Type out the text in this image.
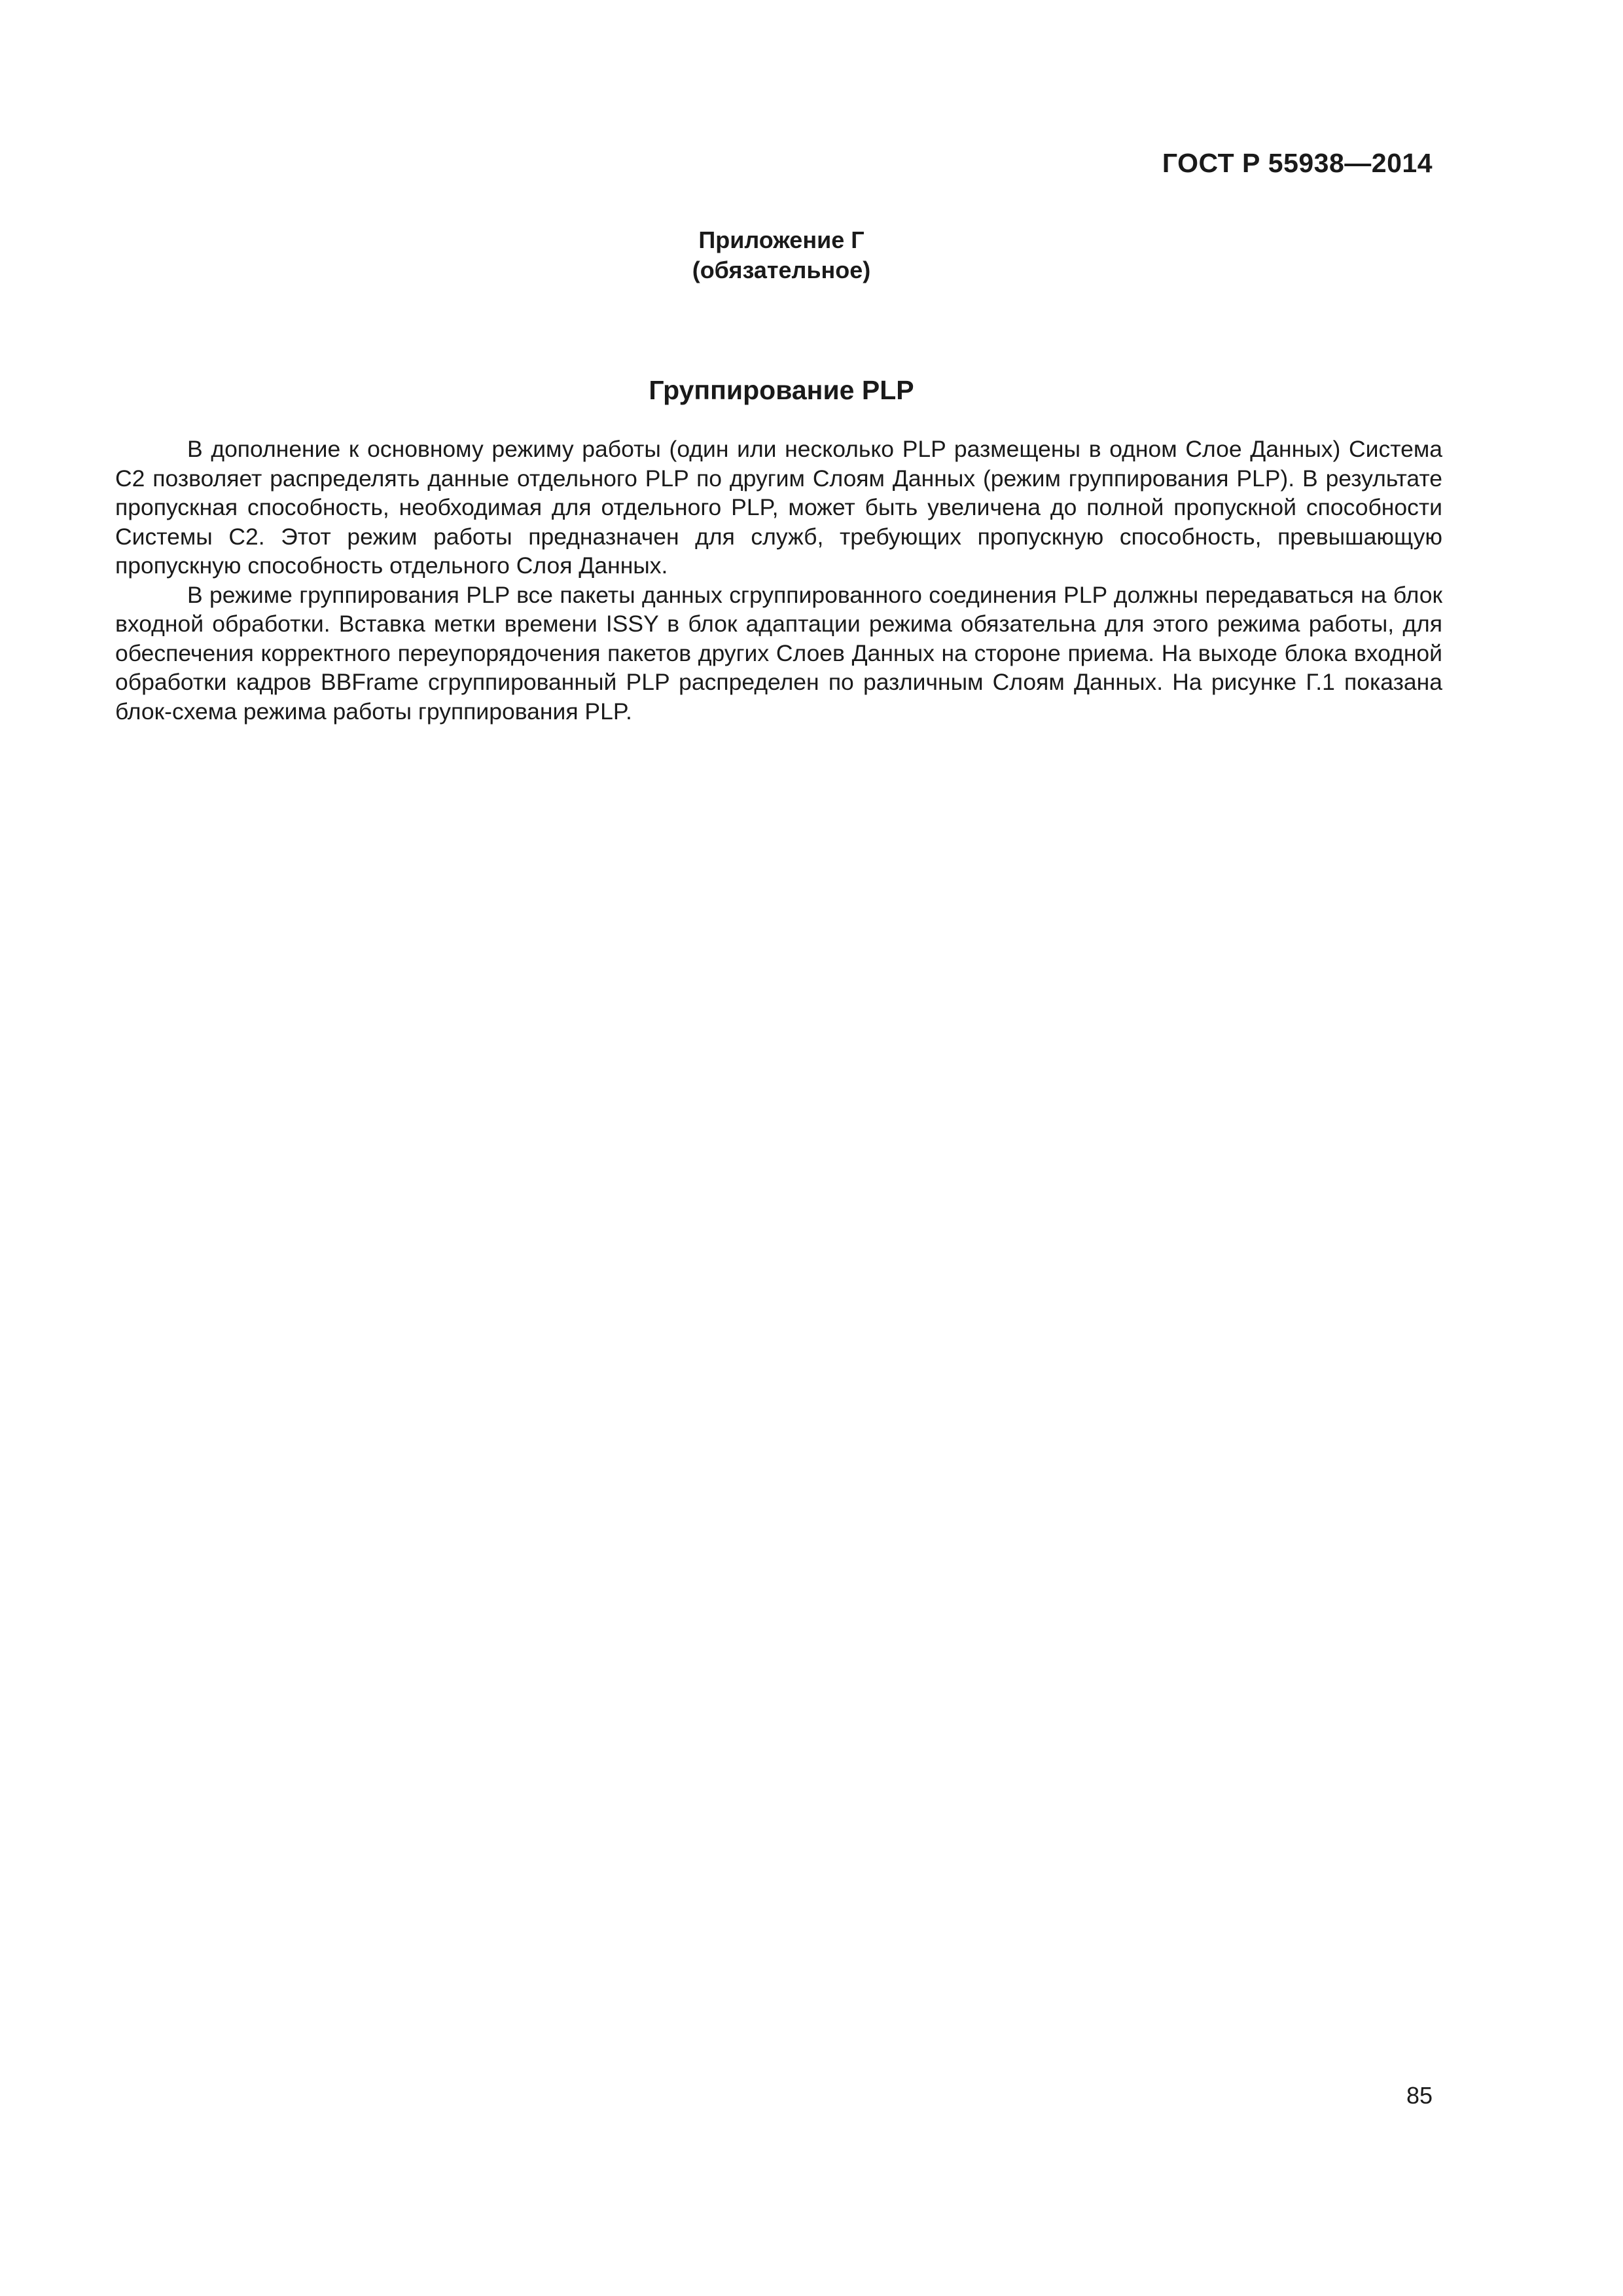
ГОСТ Р 55938—2014
Приложение Г
(обязательное)
Группирование PLP

В дополнение к основному режиму работы (один или несколько PLP размещены в одном Слое Данных) Система С2 позволяет распределять данные отдельного PLP по другим Слоям Данных (режим группирования PLP). В результате пропускная способность, необходимая для отдельного PLP, может быть увеличена до полной пропускной способности Системы С2. Этот режим работы предназначен для служб, требующих пропускную способность, превышающую пропускную способность отдельного Слоя Данных.

В режиме группирования PLP все пакеты данных сгруппированного соединения PLP должны передаваться на блок входной обработки. Вставка метки времени ISSY в блок адаптации режима обязательна для этого режима работы, для обеспечения корректного переупорядочения пакетов других Слоев Данных на стороне приема. На выходе блока входной обработки кадров BBFrame сгруппированный PLP распределен по различным Слоям Данных. На рисунке Г.1 показана блок-схема режима работы группирования PLP.

85
